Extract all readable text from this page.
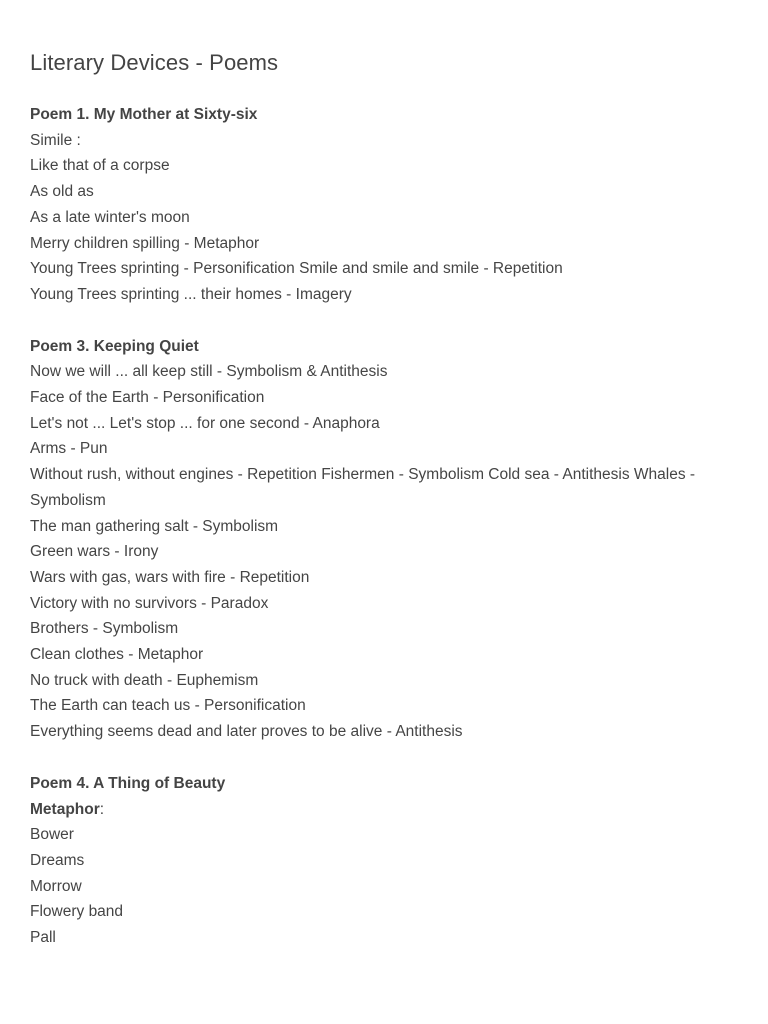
Literary Devices - Poems

Poem 1. My Mother at Sixty-six

Simile :

Like that of a corpse

As old as

As a late winter's moon

Merry children spilling - Metaphor

Young Trees sprinting - Personification Smile and smile and smile - Repetition

Young Trees sprinting ... their homes - Imagery

Poem 3. Keeping Quiet

Now we will ... all keep still - Symbolism & Antithesis

Face of the Earth - Personification

Let's not ... Let's stop ... for one second - Anaphora

Arms - Pun

Without rush, without engines - Repetition Fishermen - Symbolism Cold sea - Antithesis Whales - Symbolism

The man gathering salt - Symbolism

Green wars - Irony

Wars with gas, wars with fire - Repetition

Victory with no survivors - Paradox

Brothers - Symbolism

Clean clothes - Metaphor

No truck with death - Euphemism

The Earth can teach us - Personification

Everything seems dead and later proves to be alive - Antithesis

Poem 4. A Thing of Beauty

Metaphor:

Bower

Dreams

Morrow

Flowery band

Pall
